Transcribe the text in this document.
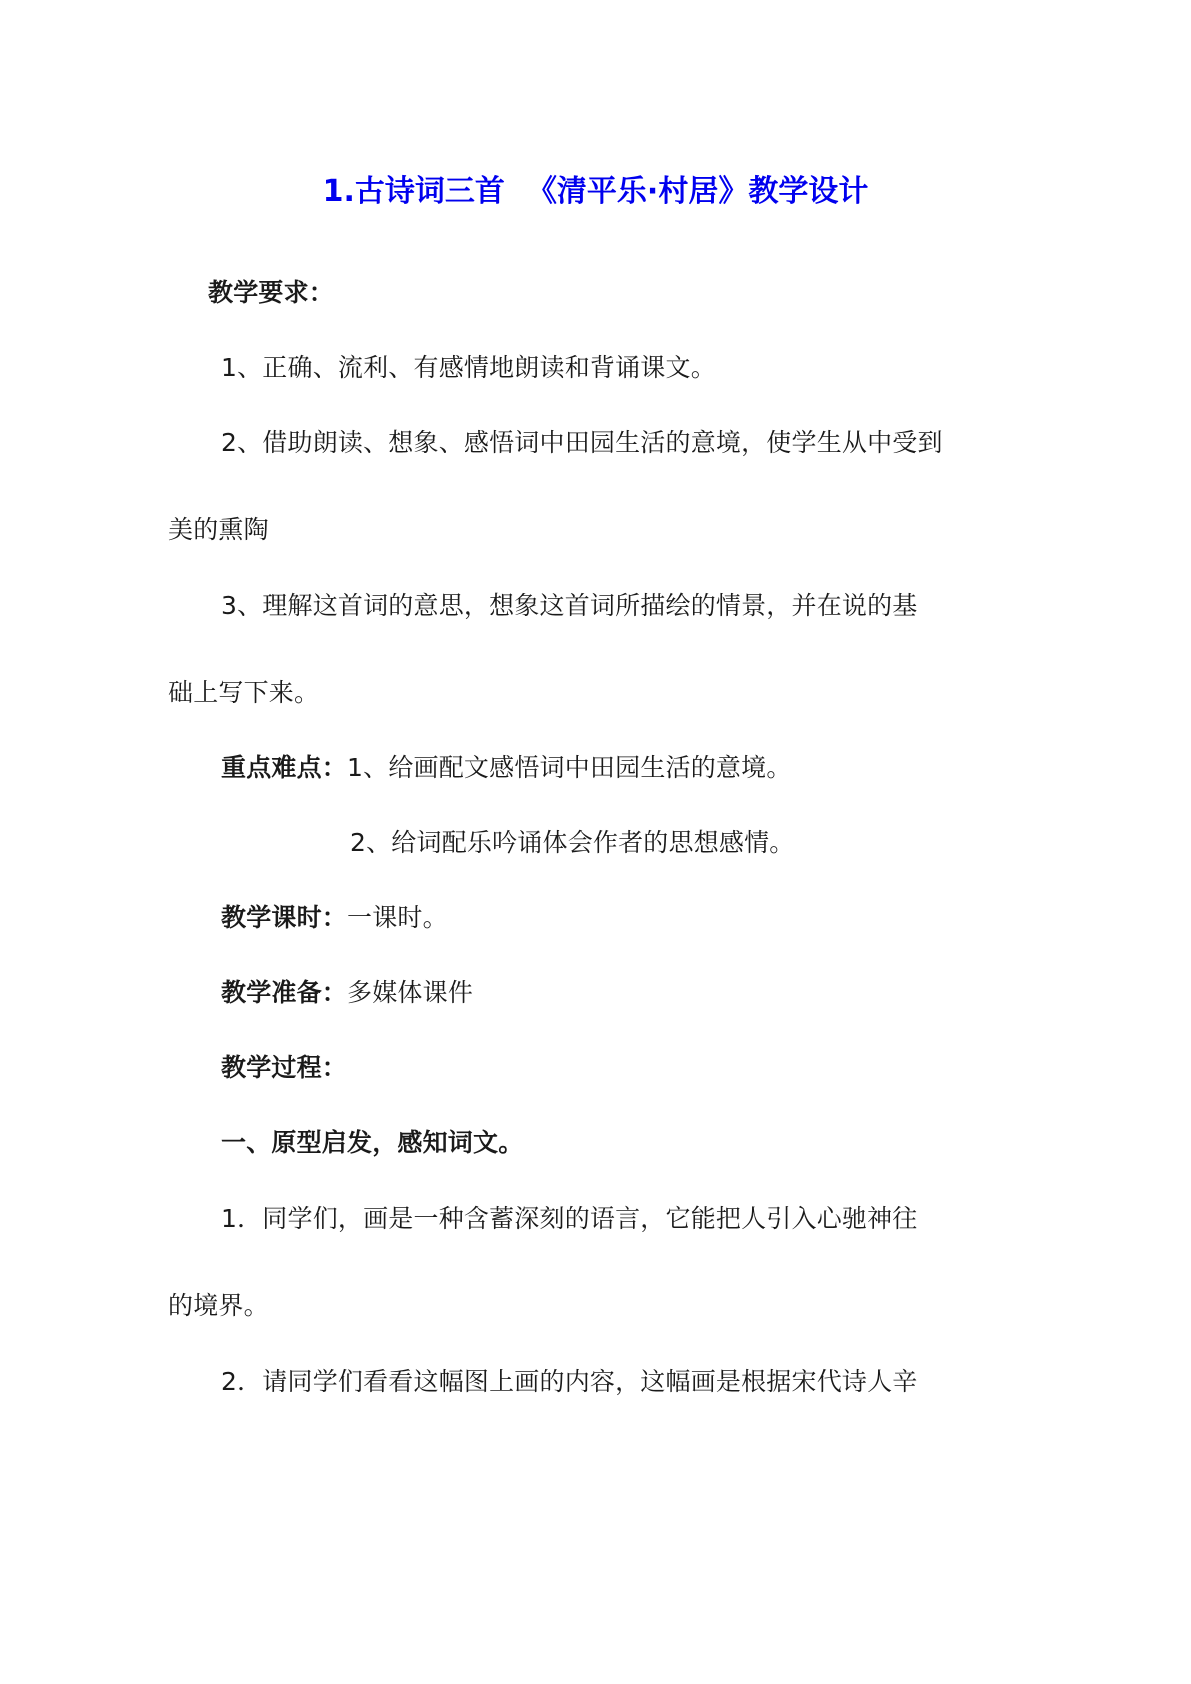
1.古诗词三首 《清平乐·村居》教学设计
教学要求：
1、正确、流利、有感情地朗读和背诵课文。
2、借助朗读、想象、感悟词中田园生活的意境，使学生从中受到
美的熏陶
3、理解这首词的意思，想象这首词所描绘的情景，并在说的基
础上写下来。
重点难点：1、给画配文感悟词中田园生活的意境。
2、给词配乐吟诵体会作者的思想感情。
教学课时：一课时。
教学准备：多媒体课件
教学过程：
一、原型启发，感知词文。
1．同学们，画是一种含蓄深刻的语言，它能把人引入心驰神往
的境界。
2．请同学们看看这幅图上画的内容，这幅画是根据宋代诗人辛
